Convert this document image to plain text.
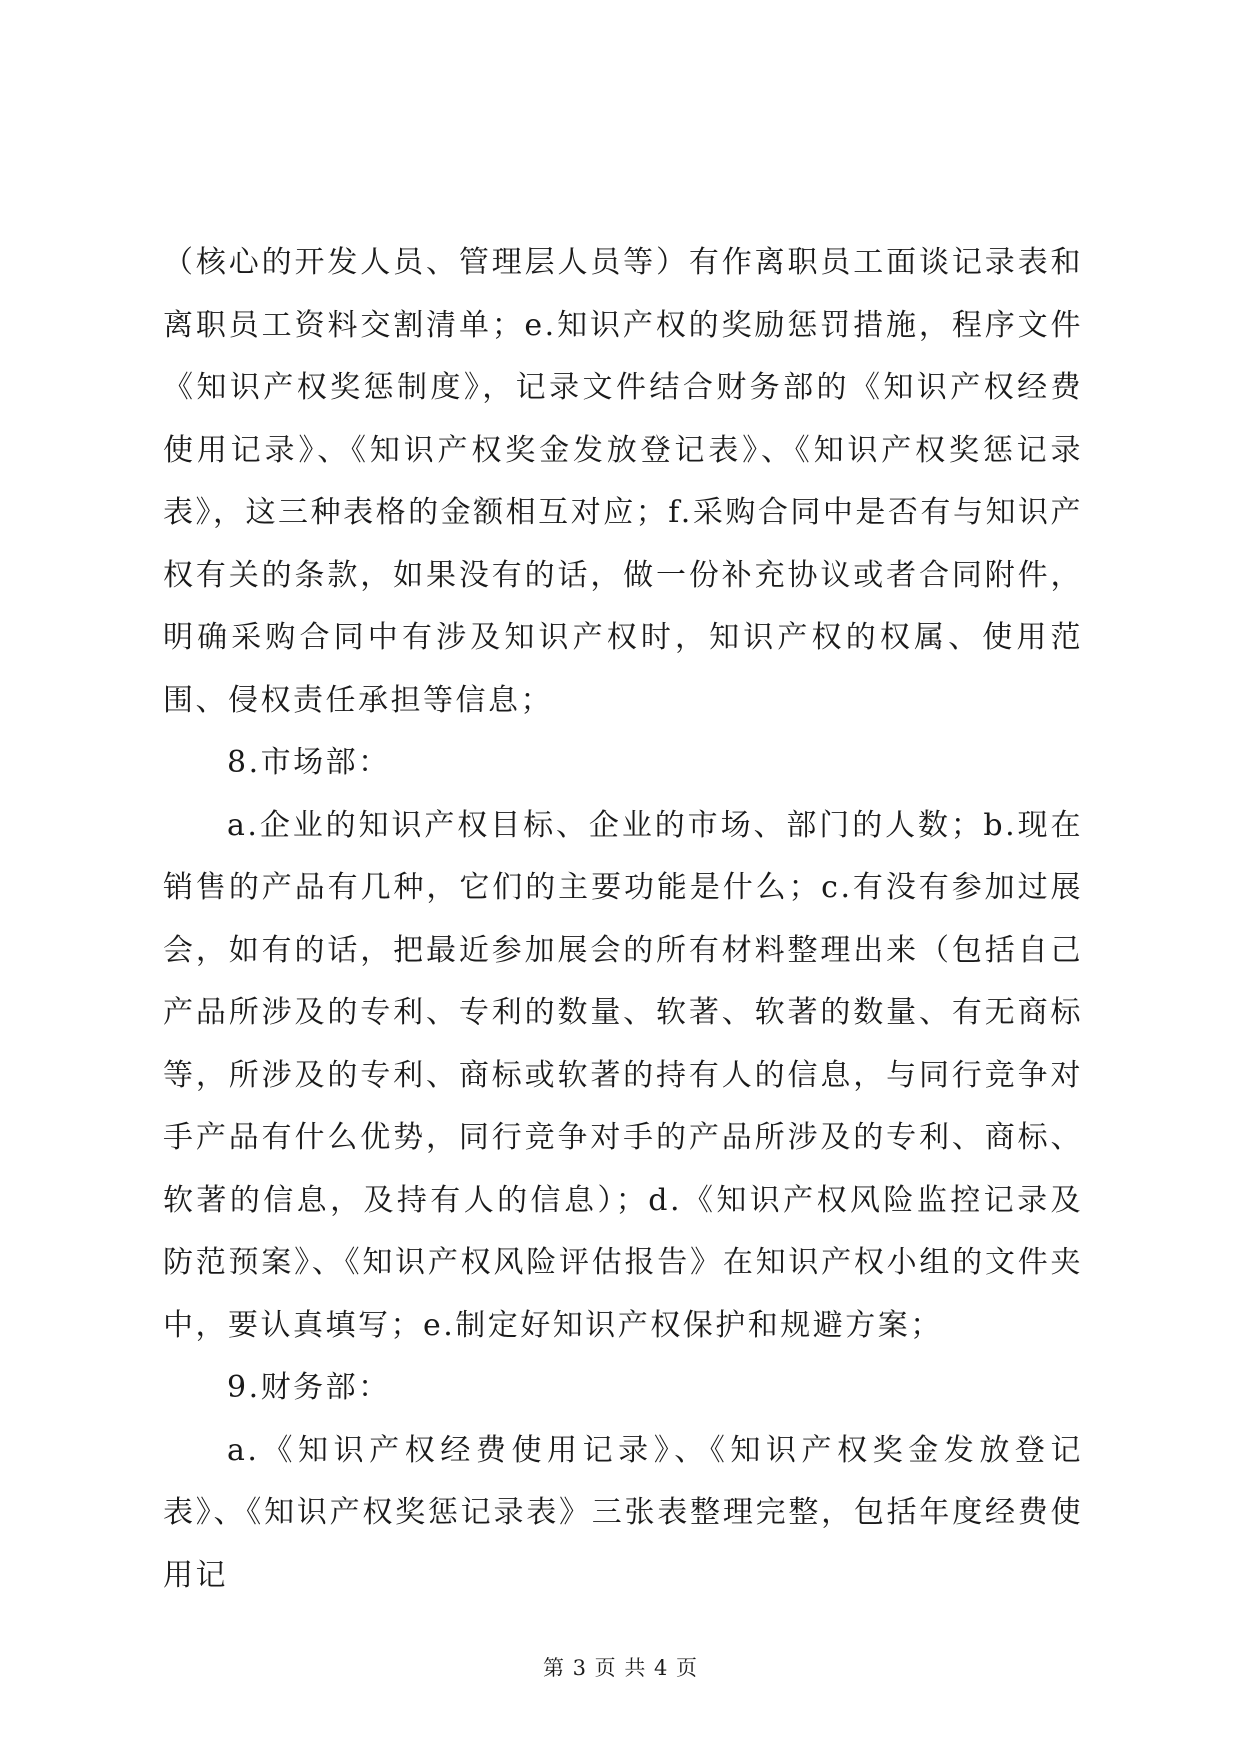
（核心的开发人员、管理层人员等）有作离职员工面谈记录表和离职员工资料交割清单；e.知识产权的奖励惩罚措施，程序文件《知识产权奖惩制度》，记录文件结合财务部的《知识产权经费使用记录》、《知识产权奖金发放登记表》、《知识产权奖惩记录表》，这三种表格的金额相互对应；f.采购合同中是否有与知识产权有关的条款，如果没有的话，做一份补充协议或者合同附件，明确采购合同中有涉及知识产权时，知识产权的权属、使用范围、侵权责任承担等信息；

8.市场部：

a.企业的知识产权目标、企业的市场、部门的人数；b.现在销售的产品有几种，它们的主要功能是什么；c.有没有参加过展会，如有的话，把最近参加展会的所有材料整理出来（包括自己产品所涉及的专利、专利的数量、软著、软著的数量、有无商标等，所涉及的专利、商标或软著的持有人的信息，与同行竞争对手产品有什么优势，同行竞争对手的产品所涉及的专利、商标、软著的信息，及持有人的信息）；d.《知识产权风险监控记录及防范预案》、《知识产权风险评估报告》在知识产权小组的文件夹中，要认真填写；e.制定好知识产权保护和规避方案；

9.财务部：

a.《知识产权经费使用记录》、《知识产权奖金发放登记表》、《知识产权奖惩记录表》三张表整理完整，包括年度经费使用记

第 3 页 共 4 页
